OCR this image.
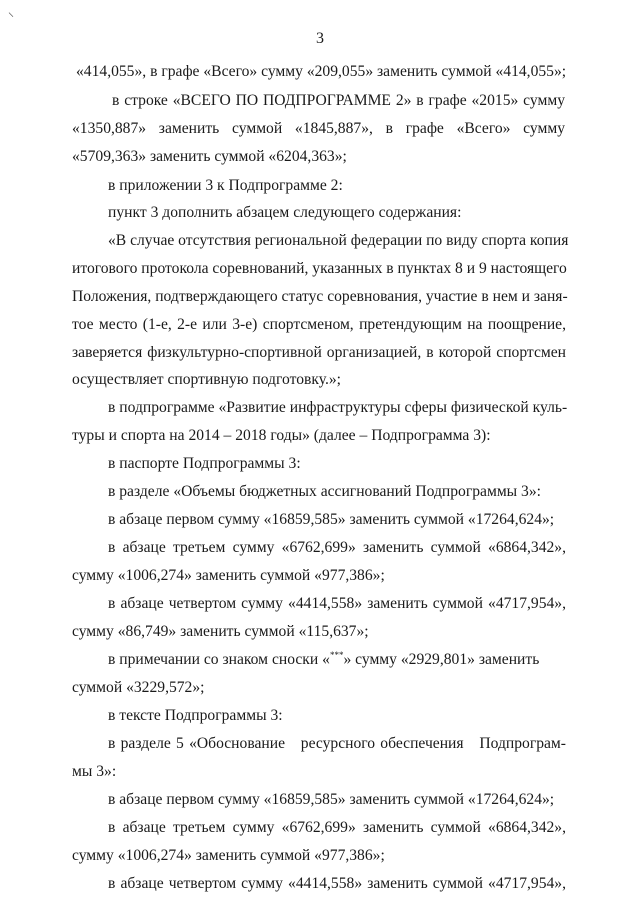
⸌
3
«414,055», в графе «Всего» сумму «209,055» заменить суммой «414,055»;
в строке «ВСЕГО ПО ПОДПРОГРАММЕ 2» в графе «2015» сумму
«1350,887» заменить суммой «1845,887», в графе «Всего» сумму
«5709,363» заменить суммой «6204,363»;
в приложении 3 к Подпрограмме 2:
пункт 3 дополнить абзацем следующего содержания:
«В случае отсутствия региональной федерации по виду спорта копия
итогового протокола соревнований, указанных в пунктах 8 и 9 настоящего
Положения, подтверждающего статус соревнования, участие в нем и заня-
тое место (1-е, 2-е или 3-е) спортсменом, претендующим на поощрение,
заверяется физкультурно-спортивной организацией, в которой спортсмен
осуществляет спортивную подготовку.»;
в подпрограмме «Развитие инфраструктуры сферы физической куль-
туры и спорта на 2014 – 2018 годы» (далее – Подпрограмма 3):
в паспорте Подпрограммы 3:
в разделе «Объемы бюджетных ассигнований Подпрограммы 3»:
в абзаце первом сумму «16859,585» заменить суммой «17264,624»;
в абзаце третьем сумму «6762,699» заменить суммой «6864,342»,
сумму «1006,274» заменить суммой «977,386»;
в абзаце четвертом сумму «4414,558» заменить суммой «4717,954»,
сумму «86,749» заменить суммой «115,637»;
в примечании со знаком сноски «***» сумму «2929,801» заменить
суммой «3229,572»;
в тексте Подпрограммы 3:
в разделе 5 «Обоснование   ресурсного обеспечения   Подпрограм-
мы 3»:
в абзаце первом сумму «16859,585» заменить суммой «17264,624»;
в абзаце третьем сумму «6762,699» заменить суммой «6864,342»,
сумму «1006,274» заменить суммой «977,386»;
в абзаце четвертом сумму «4414,558» заменить суммой «4717,954»,
